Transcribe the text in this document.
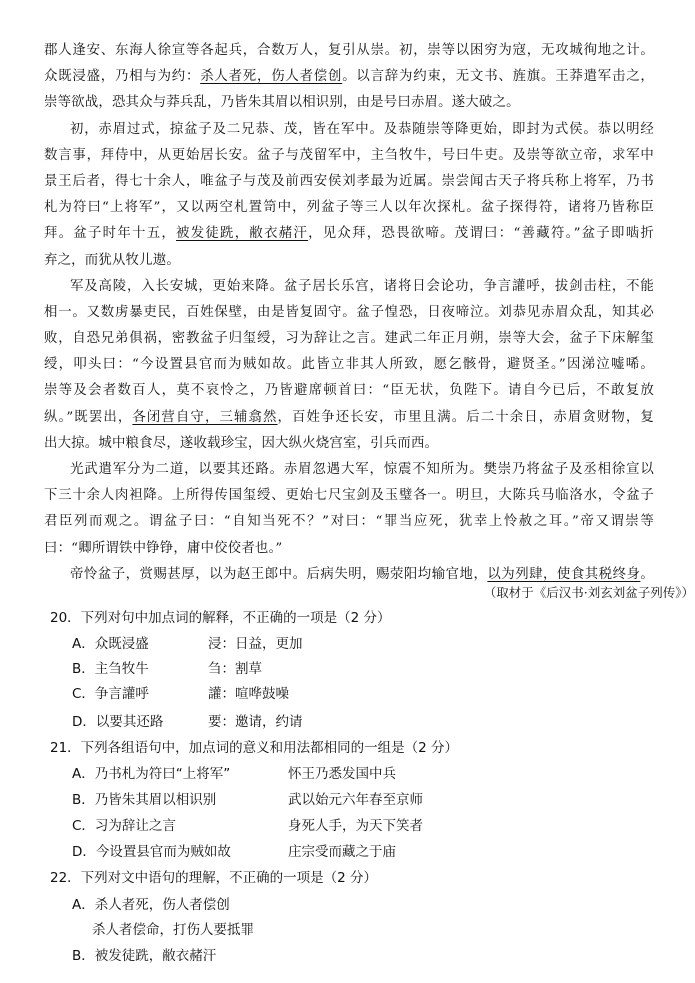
郡人逢安、东海人徐宣等各起兵，合数万人，复引从崇。初，崇等以困穷为寇，无攻城徇地之计。
众既浸盛，乃相与为约：杀人者死，伤人者偿创。以言辞为约束，无文书、旌旗。王莽遣军击之，
崇等欲战，恐其众与莽兵乱，乃皆朱其眉以相识别，由是号曰赤眉。遂大破之。
初，赤眉过式，掠盆子及二兄恭、茂，皆在军中。及恭随崇等降更始，即封为式侯。恭以明经
数言事，拜侍中，从更始居长安。盆子与茂留军中，主刍牧牛，号曰牛吏。及崇等欲立帝，求军中
景王后者，得七十余人，唯盆子与茂及前西安侯刘孝最为近属。崇尝闻古天子将兵称上将军，乃书
札为符曰“上将军”，又以两空札置笥中，列盆子等三人以年次探札。盆子探得符，诸将乃皆称臣
拜。盆子时年十五，被发徒跣，敝衣赭汗，见众拜，恐畏欲啼。茂谓曰：“善藏符。”盆子即啮折
弃之，而犹从牧儿遨。
军及高陵，入长安城，更始来降。盆子居长乐宫，诸将日会论功，争言讙呼，拔剑击柱，不能
相一。又数虏暴吏民，百姓保壁，由是皆复固守。盆子惶恐，日夜啼泣。刘恭见赤眉众乱，知其必
败，自恐兄弟俱祸，密教盆子归玺绶，习为辞让之言。建武二年正月朔，崇等大会，盆子下床解玺
绶，叩头曰：“今设置县官而为贼如故。此皆立非其人所致，愿乞骸骨，避贤圣。”因涕泣嘘唏。
崇等及会者数百人，莫不哀怜之，乃皆避席顿首曰：“臣无状，负陛下。请自今已后，不敢复放
纵。”既罢出，各闭营自守，三辅翕然，百姓争还长安，市里且满。后二十余日，赤眉贪财物，复
出大掠。城中粮食尽，遂收载珍宝，因大纵火烧宫室，引兵而西。
光武遣军分为二道，以要其还路。赤眉忽遇大军，惊震不知所为。樊崇乃将盆子及丞相徐宣以
下三十余人肉袒降。上所得传国玺绶、更始七尺宝剑及玉璧各一。明旦，大陈兵马临洛水，令盆子
君臣列而观之。谓盆子曰：“自知当死不？”对曰：“罪当应死，犹幸上怜赦之耳。”帝又谓崇等
曰：“卿所谓铁中铮铮，庸中佼佼者也。”
帝怜盆子，赏赐甚厚，以为赵王郎中。后病失明，赐荥阳均输官地，以为列肆，使食其税终身。
（取材于《后汉书·刘玄刘盆子列传》）
20．下列对句中加点词的解释，不正确的一项是（2 分）
A．众既浸盛	浸：日益，更加
B．主刍牧牛	刍：割草
C．争言讙呼	讙：喧哗鼓噪
D．以要其还路	要：邀请，约请
21．下列各组语句中，加点词的意义和用法都相同的一组是（2 分）
A．乃书札为符曰“上将军”	怀王乃悉发国中兵
B．乃皆朱其眉以相识别	武以始元六年春至京师
C．习为辞让之言	身死人手，为天下笑者
D．今设置县官而为贼如故	庄宗受而藏之于庙
22．下列对文中语句的理解，不正确的一项是（2 分）
A．杀人者死，伤人者偿创
杀人者偿命，打伤人要抵罪
B．被发徒跣，敝衣赭汗
